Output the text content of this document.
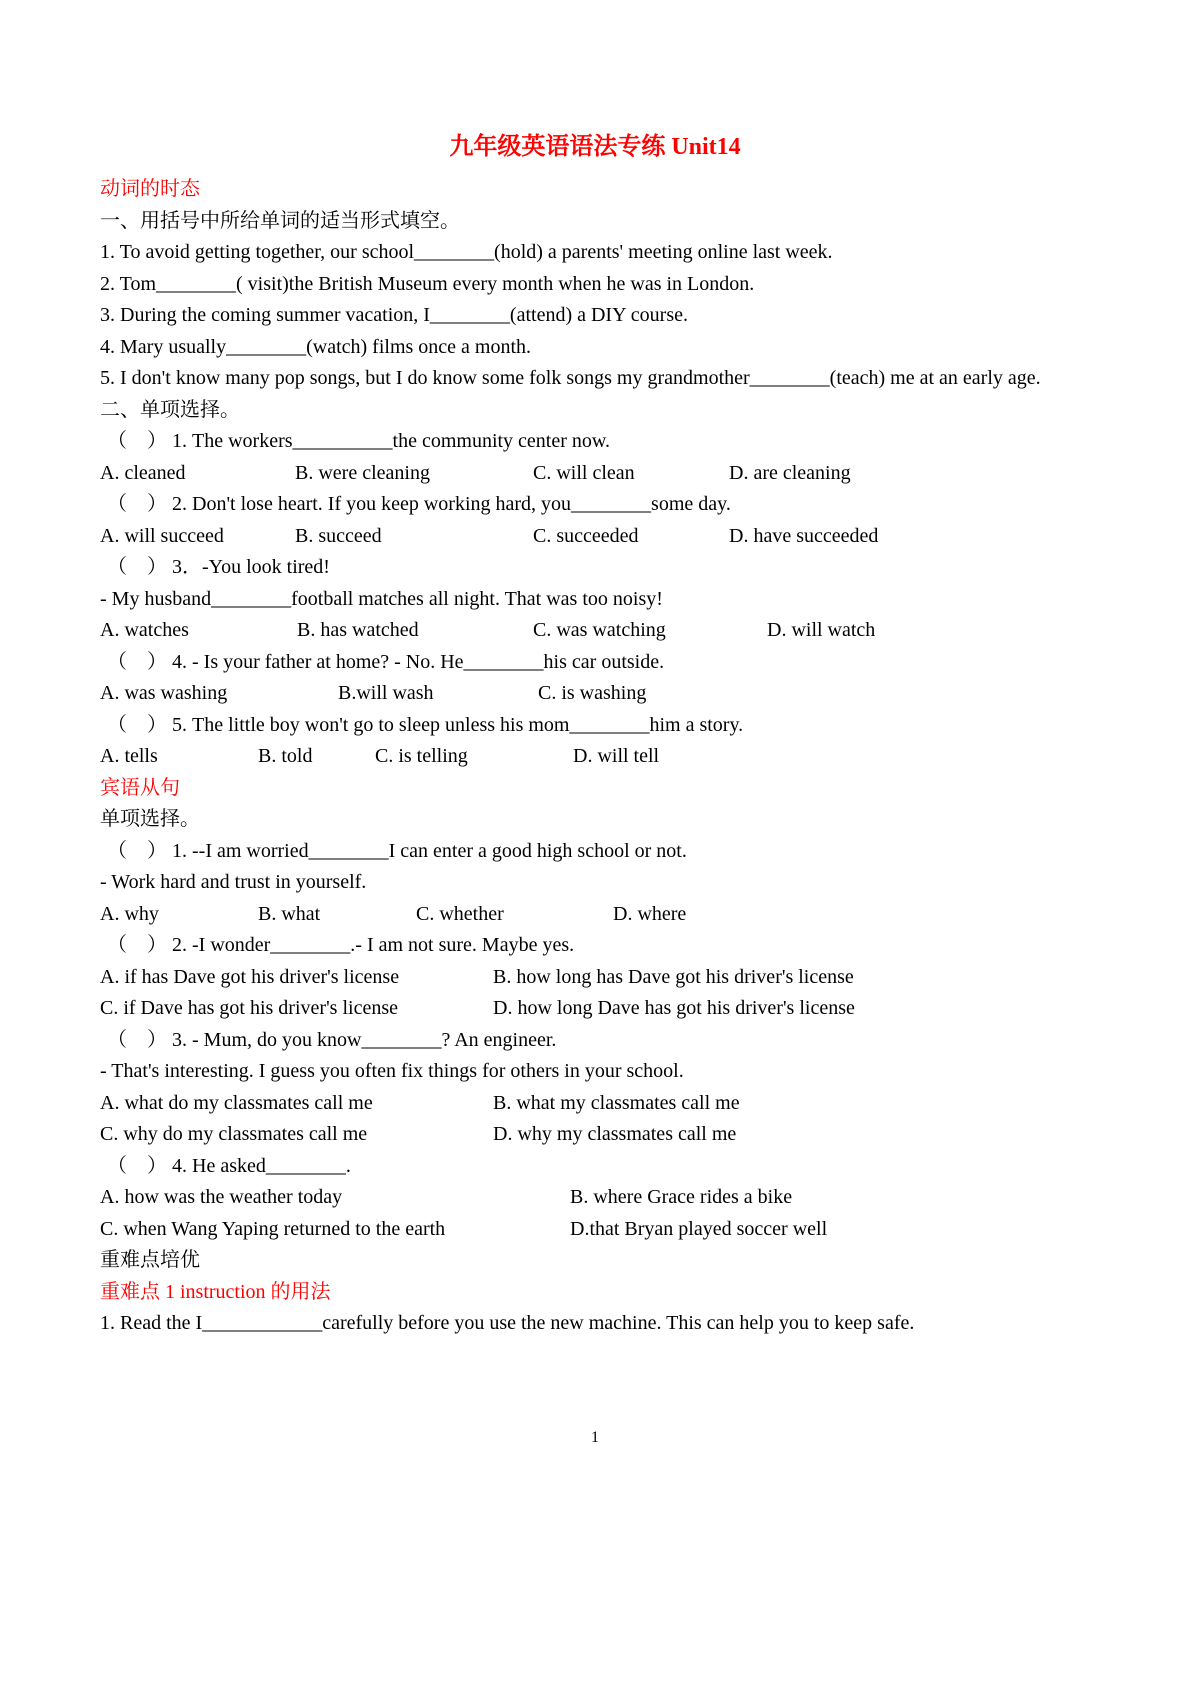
九年级英语语法专练 Unit14

动词的时态

一、用括号中所给单词的适当形式填空。

1. To avoid getting together, our school________(hold) a parents' meeting online last week.

2. Tom________( visit)the British Museum every month when he was in London.

3. During the coming summer vacation, I________(attend) a DIY course.

4. Mary usually________(watch) films once a month.

5. I don't know many pop songs, but I do know some folk songs my grandmother________(teach) me at an early age.

二、单项选择。

（　） 1. The workers__________the community center now.

A. cleaned	B. were cleaning	C. will clean	D. are cleaning

（　） 2. Don't lose heart. If you keep working hard, you________some day.

A. will succeed	B. succeed	C. succeeded	D. have succeeded

（　） 3．-You look tired!

- My husband________football matches all night. That was too noisy!

A. watches	B. has watched	C. was watching	D. will watch

（　） 4. - Is your father at home? - No. He________his car outside.

A. was washing	B.will wash	C. is washing

（　） 5. The little boy won't go to sleep unless his mom________him a story.

A. tells	B. told	C. is telling	D. will tell

宾语从句

单项选择。

（　） 1. --I am worried________I can enter a good high school or not.

- Work hard and trust in yourself.

A. why	B. what	C. whether	D. where

（　） 2. -I wonder________.- I am not sure. Maybe yes.

A. if has Dave got his driver's license	B. how long has Dave got his driver's license
C. if Dave has got his driver's license	D. how long Dave has got his driver's license

（　） 3. - Mum, do you know________? An engineer.

- That's interesting. I guess you often fix things for others in your school.

A. what do my classmates call me	B. what my classmates call me
C. why do my classmates call me	D. why my classmates call me

（　） 4. He asked________.

A. how was the weather today	B. where Grace rides a bike
C. when Wang Yaping returned to the earth	D.that Bryan played soccer well

重难点培优

重难点 1 instruction 的用法

1. Read the I____________carefully before you use the new machine. This can help you to keep safe.

1
